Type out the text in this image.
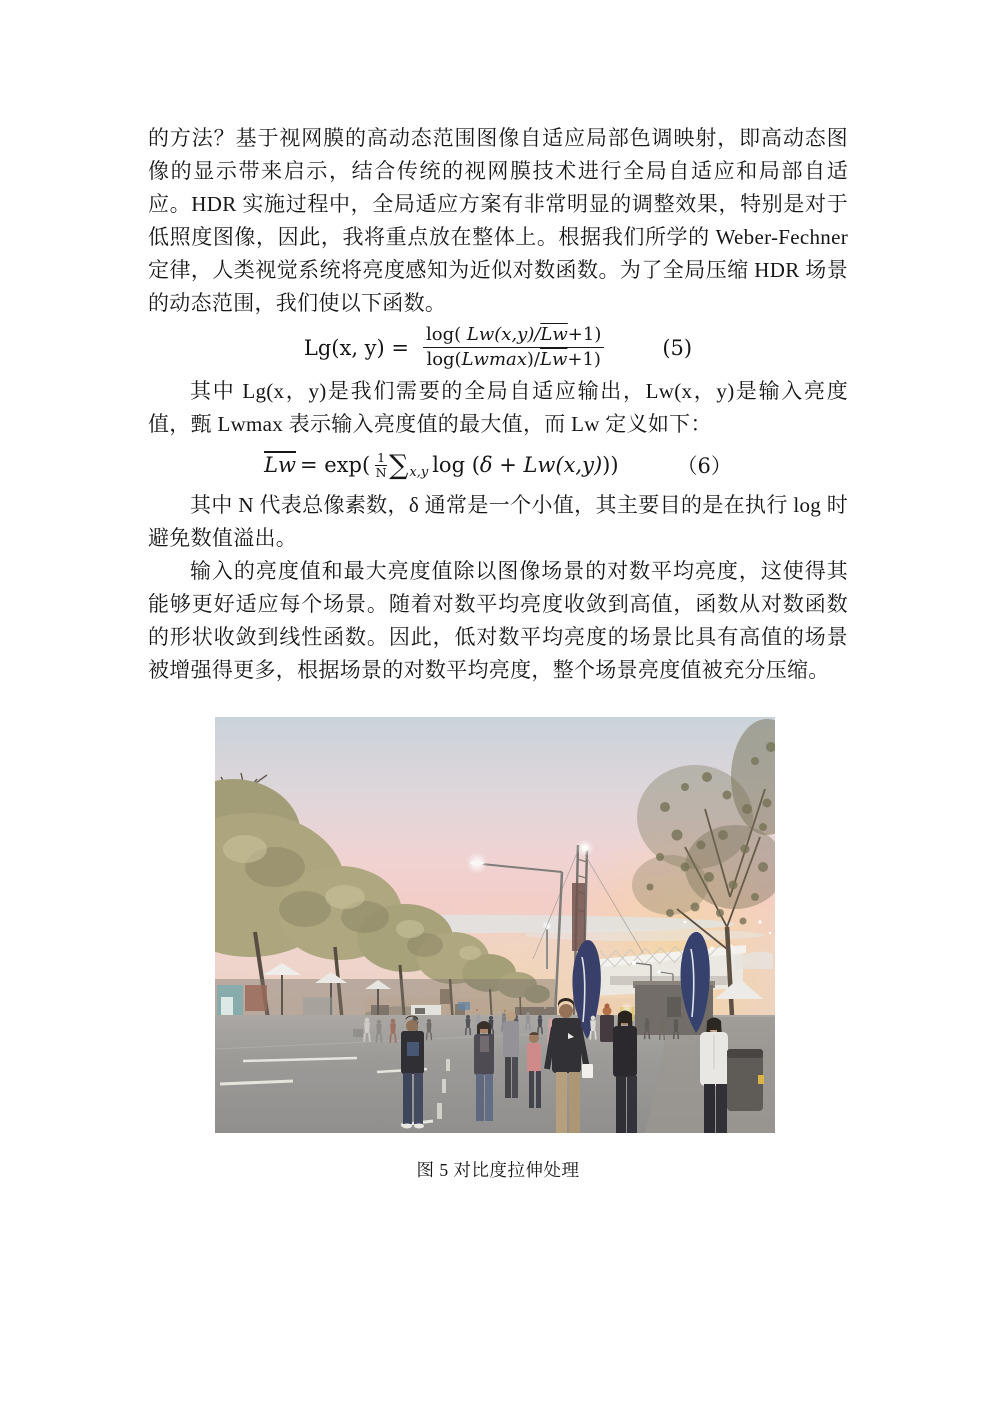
的方法？基于视网膜的高动态范围图像自适应局部色调映射，即高动态图像的显示带来启示，结合传统的视网膜技术进行全局自适应和局部自适应。HDR 实施过程中，全局适应方案有非常明显的调整效果，特别是对于低照度图像，因此，我将重点放在整体上。根据我们所学的 Weber-Fechner 定律，人类视觉系统将亮度感知为近似对数函数。为了全局压缩 HDR 场景的动态范围，我们使以下函数。

Lg(x, $y) = \frac{\log( Lw(x,y)/\overline{Lw}+1)}{\log(Lwmax)/\overline{Lw}+1)}$	(5)

其中 Lg(x，y)是我们需要的全局自适应输出，Lw(x，y)是输入亮度值，甄 Lwmax 表示输入亮度值的最大值，而 Lw 定义如下：

$\overline{Lw} = \exp$( 1
N ∑ x,y log ( δ + Lw(x,y) ))	（6）

其中 N 代表总像素数，δ 通常是一个小值，其主要目的是在执行 log 时避免数值溢出。

输入的亮度值和最大亮度值除以图像场景的对数平均亮度，这使得其能够更好适应每个场景。随着对数平均亮度收敛到高值，函数从对数函数的形状收敛到线性函数。因此，低对数平均亮度的场景比具有高值的场景被增强得更多，根据场景的对数平均亮度，整个场景亮度值被充分压缩。

图 5 对比度拉伸处理
